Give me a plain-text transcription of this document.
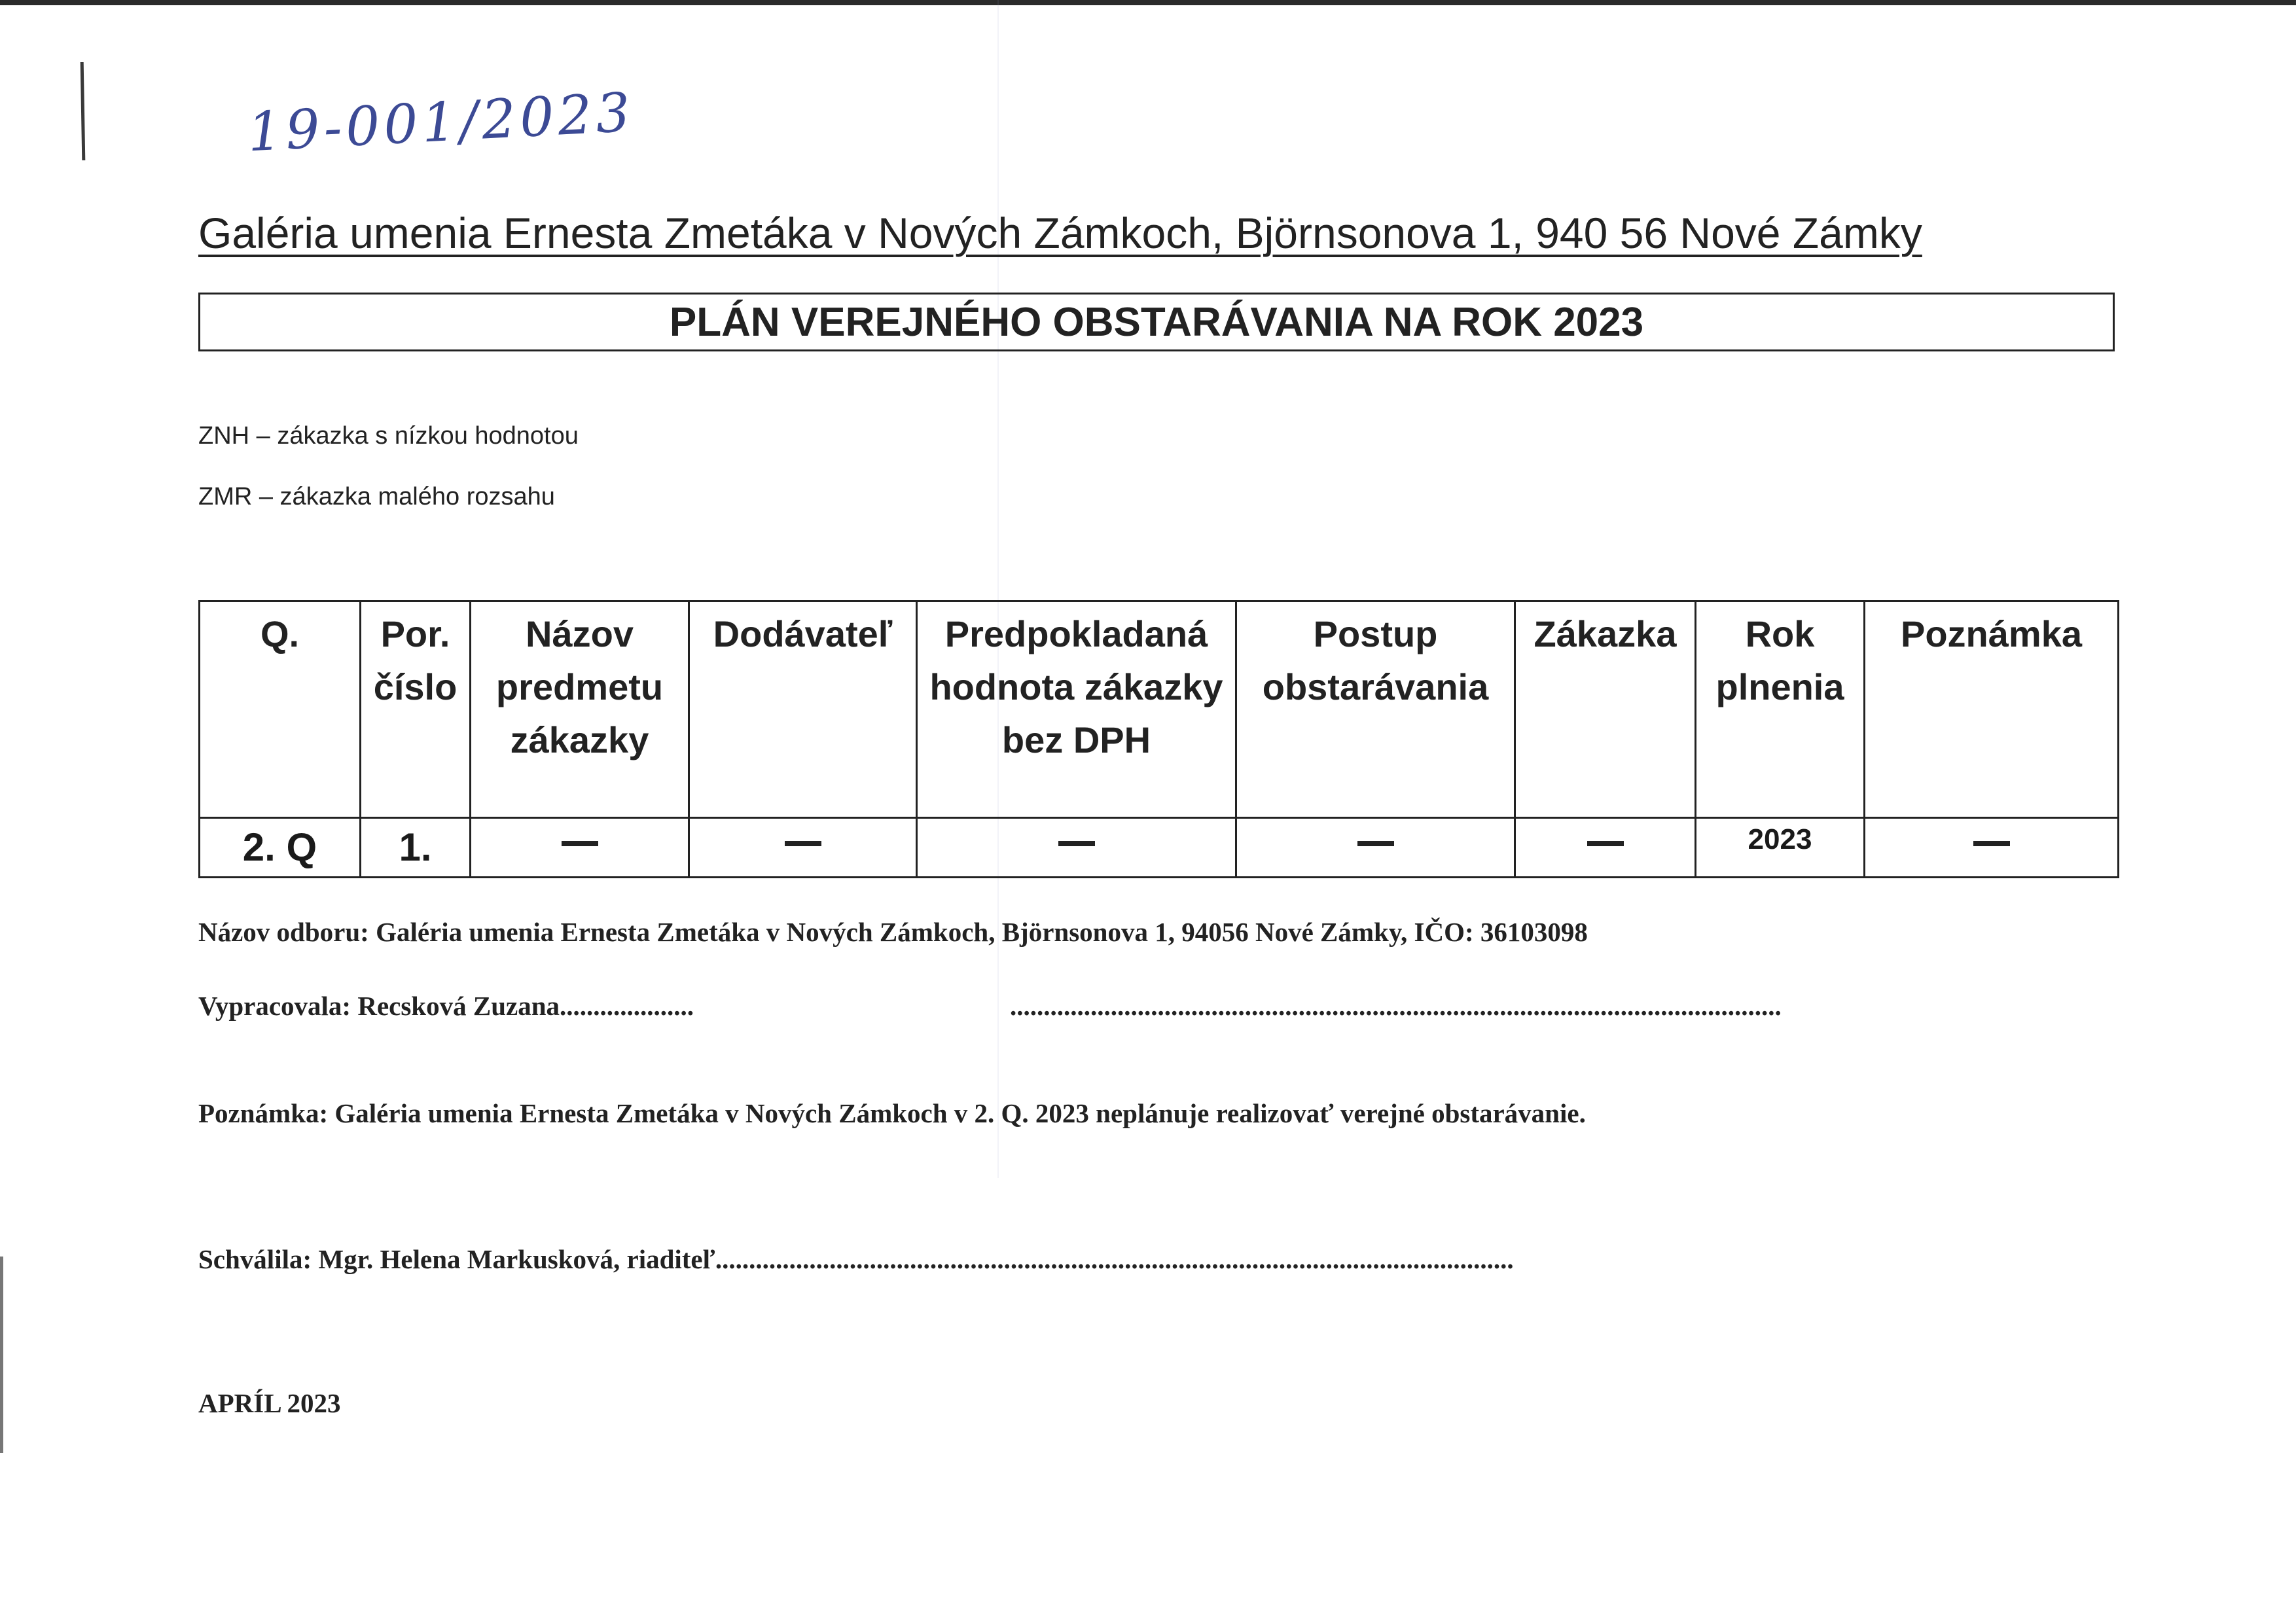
19-001/2023
Galéria umenia Ernesta Zmetáka v Nových Zámkoch, Björnsonova 1, 940 56 Nové Zámky
PLÁN VEREJNÉHO OBSTARÁVANIA NA ROK 2023
ZNH – zákazka s nízkou hodnotou
ZMR – zákazka malého rozsahu
Q.	Por. číslo	Názov predmetu zákazky	Dodávateľ	Predpokladaná hodnota zákazky bez DPH	Postup obstarávania	Zákazka	Rok plnenia	Poznámka
2. Q	1.						2023	
Názov odboru: Galéria umenia Ernesta Zmetáka v Nových Zámkoch, Björnsonova 1, 94056 Nové Zámky, IČO: 36103098
Vypracovala: Recsková Zuzana....................	...................................................................................................................
Poznámka: Galéria umenia Ernesta Zmetáka v Nových Zámkoch v 2. Q. 2023 neplánuje realizovať verejné obstarávanie.
Schválila: Mgr. Helena Markusková, riaditeľ.......................................................................................................................
APRÍL 2023
